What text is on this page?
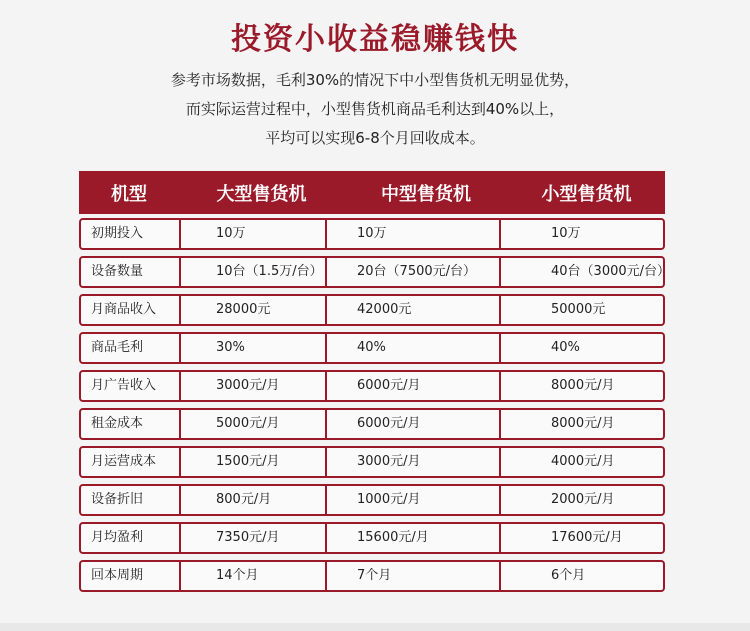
投资小收益稳赚钱快
参考市场数据，毛利30%的情况下中小型售货机无明显优势，
而实际运营过程中，小型售货机商品毛利达到40%以上，
平均可以实现6-8个月回收成本。
机型	大型售货机	中型售货机	小型售货机
初期投入	10万	10万	10万
设备数量	10台（1.5万/台）	20台（7500元/台）	40台（3000元/台）
月商品收入	28000元	42000元	50000元
商品毛利	30%	40%	40%
月广告收入	3000元/月	6000元/月	8000元/月
租金成本	5000元/月	6000元/月	8000元/月
月运营成本	1500元/月	3000元/月	4000元/月
设备折旧	800元/月	1000元/月	2000元/月
月均盈利	7350元/月	15600元/月	17600元/月
回本周期	14个月	7个月	6个月
